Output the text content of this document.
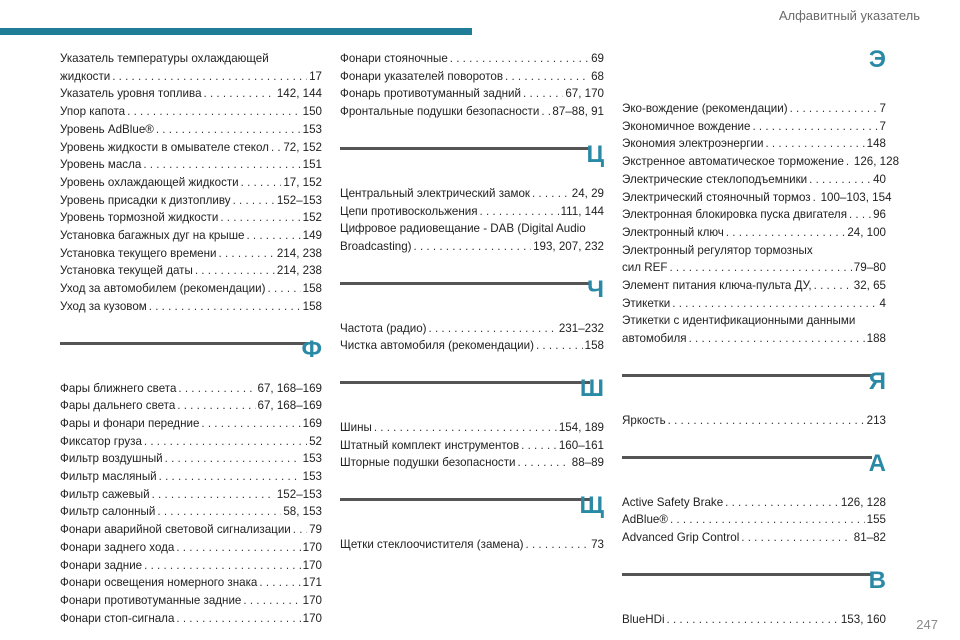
Алфавитный указатель
Указатель температуры охлаждающей
жидкости . . .	17
Указатель уровня топлива . . .	142, 144
Упор капота . . .	150
Уровень AdBlue® . . .	153
Уровень жидкости в омывателе стекол . . . 72, 152
Уровень масла . . .	151
Уровень охлаждающей жидкости . . .	17, 152
Уровень присадки к дизтопливу . . .	152–153
Уровень тормозной жидкости . . .	152
Установка багажных дуг на крыше . . .	149
Установка текущего времени . . .	214, 238
Установка текущей даты . . .	214, 238
Уход за автомобилем (рекомендации) . . .	158
Уход за кузовом . . .	158
Ф
Фары ближнего света . . .	67, 168–169
Фары дальнего света . . .	67, 168–169
Фары и фонари передние . . .	169
Фиксатор груза . . .	52
Фильтр воздушный . . .	153
Фильтр масляный . . .	153
Фильтр сажевый . . .	152–153
Фильтр салонный . . .	58, 153
Фонари аварийной световой сигнализации . . . 79
Фонари заднего хода . . .	170
Фонари задние . . .	170
Фонари освещения номерного знака . . .	171
Фонари противотуманные задние . . .	170
Фонари стоп-сигнала . . .	170
Фонари стояночные . . .	69
Фонари указателей поворотов . . .	68
Фонарь противотуманный задний . . .	67, 170
Фронтальные подушки безопасности . . . 87–88, 91
Ц
Центральный электрический замок . . .	24, 29
Цепи противоскольжения . . .	111, 144
Цифровое радиовещание - DAB (Digital Audio
Broadcasting) . . .	193, 207, 232
Ч
Частота (радио) . . .	231–232
Чистка автомобиля (рекомендации) . . .	158
Ш
Шины . . .	154, 189
Штатный комплект инструментов . . .	160–161
Шторные подушки безопасности . . .	88–89
Щ
Щетки стеклоочистителя (замена) . . .	73
Э
Эко-вождение (рекомендации) . . .	7
Экономичное вождение . . .	7
Экономия электроэнергии . . .	148
Экстренное автоматическое торможение . . . 126, 128
Электрические стеклоподъемники . . .	40
Электрический стояночный тормоз . . . 100–103, 154
Электронная блокировка пуска двигателя . . . 96
Электронный ключ . . .	24, 100
Электронный регулятор тормозных
сил REF . . .	79–80
Элемент питания ключа-пульта ДУ, . . .	32, 65
Этикетки . . .	4
Этикетки с идентификационными данными
автомобиля . . .	188
Я
Яркость . . .	213
A
Active Safety Brake . . .	126, 128
AdBlue® . . .	155
Advanced Grip Control . . .	81–82
B
BlueHDi . . .	153, 160 247
